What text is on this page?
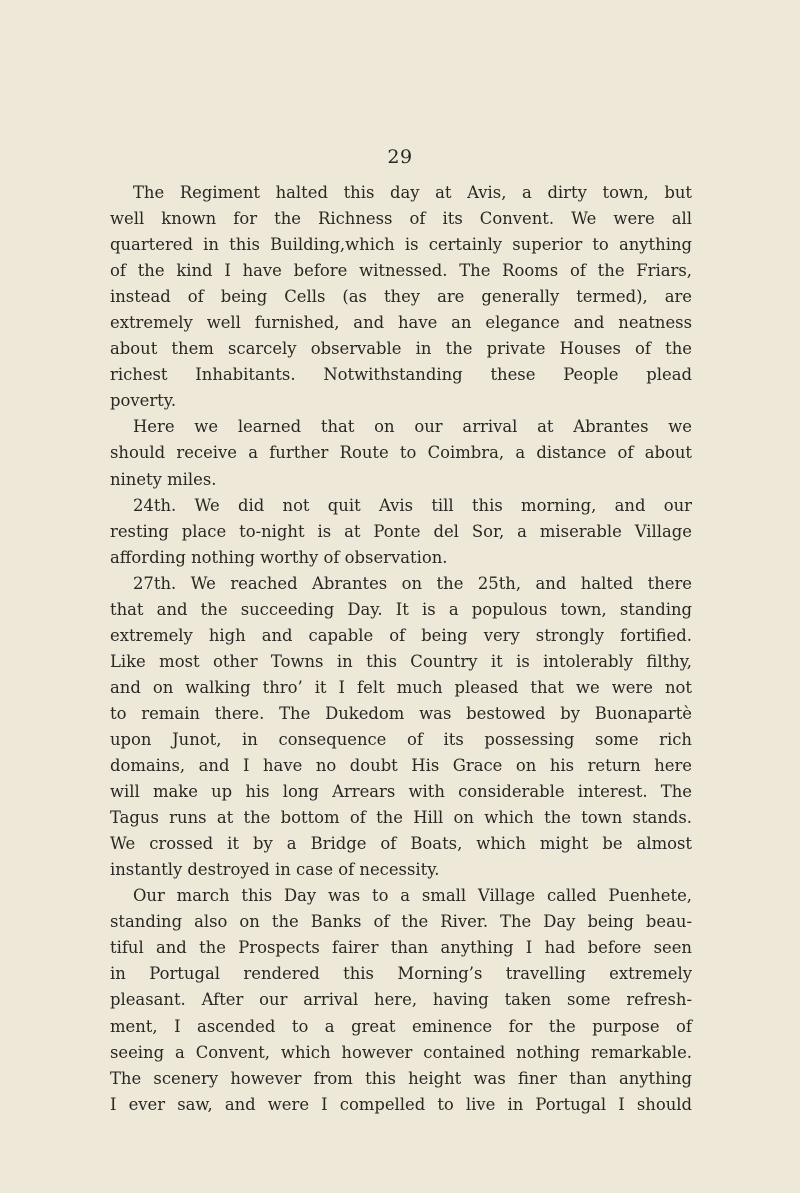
29
The Regiment halted this day at Avis, a dirty town, but
well known for the Richness of its Convent. We were all
quartered in this Building,which is certainly superior to anything
of the kind I have before witnessed. The Rooms of the Friars,
instead of being Cells (as they are generally termed), are
extremely well furnished, and have an elegance and neatness
about them scarcely observable in the private Houses of the
richest Inhabitants. Notwithstanding these People plead
poverty.
Here we learned that on our arrival at Abrantes we
should receive a further Route to Coimbra, a distance of about
ninety miles.
24th. We did not quit Avis till this morning, and our
resting place to-night is at Ponte del Sor, a miserable Village
affording nothing worthy of observation.
27th. We reached Abrantes on the 25th, and halted there
that and the succeeding Day. It is a populous town, standing
extremely high and capable of being very strongly fortified.
Like most other Towns in this Country it is intolerably filthy,
and on walking thro’ it I felt much pleased that we were not
to remain there. The Dukedom was bestowed by Buonapartè
upon Junot, in consequence of its possessing some rich
domains, and I have no doubt His Grace on his return here
will make up his long Arrears with considerable interest. The
Tagus runs at the bottom of the Hill on which the town stands.
We crossed it by a Bridge of Boats, which might be almost
instantly destroyed in case of necessity.
Our march this Day was to a small Village called Puenhete,
standing also on the Banks of the River. The Day being beau-
tiful and the Prospects fairer than anything I had before seen
in Portugal rendered this Morning’s travelling extremely
pleasant. After our arrival here, having taken some refresh-
ment, I ascended to a great eminence for the purpose of
seeing a Convent, which however contained nothing remarkable.
The scenery however from this height was finer than anything
I ever saw, and were I compelled to live in Portugal I should
